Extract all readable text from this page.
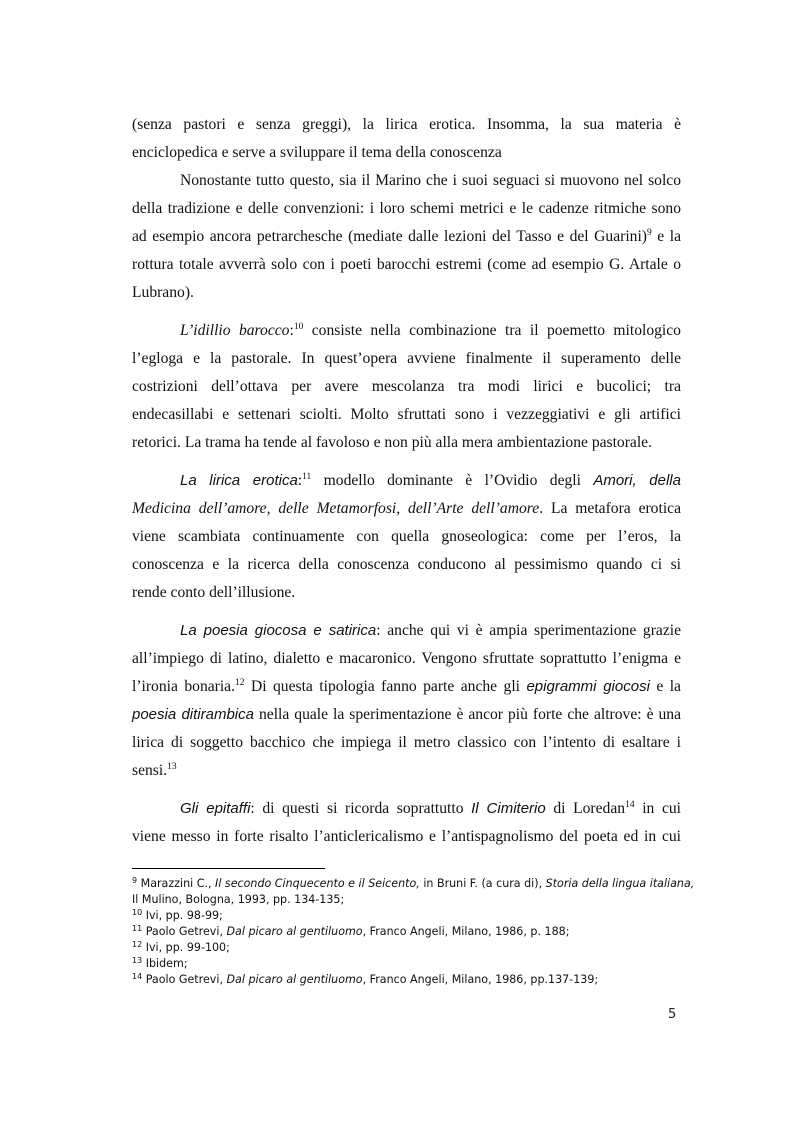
(senza pastori e senza greggi), la lirica erotica. Insomma, la sua materia è
enciclopedica e serve a sviluppare il tema della conoscenza
Nonostante tutto questo, sia il Marino che i suoi seguaci si muovono nel solco
della tradizione e delle convenzioni: i loro schemi metrici e le cadenze ritmiche sono
ad esempio ancora petrarchesche (mediate dalle lezioni del Tasso e del Guarini)$^9$ e la
rottura totale avverrà solo con i poeti barocchi estremi (come ad esempio G. Artale o
Lubrano).
L’idillio barocco:$^{10}$ consiste nella combinazione tra il poemetto mitologico
l’egloga e la pastorale. In quest’opera avviene finalmente il superamento delle
costrizioni dell’ottava per avere mescolanza tra modi lirici e bucolici; tra
endecasillabi e settenari sciolti. Molto sfruttati sono i vezzeggiativi e gli artifici
retorici. La trama ha tende al favoloso e non più alla mera ambientazione pastorale.
La lirica erotica:$^{11}$ modello dominante è l’Ovidio degli Amori, della
Medicina dell’amore, delle Metamorfosi, dell’Arte dell’amore. La metafora erotica
viene scambiata continuamente con quella gnoseologica: come per l’eros, la
conoscenza e la ricerca della conoscenza conducono al pessimismo quando ci si
rende conto dell’illusione.
La poesia giocosa e satirica: anche qui vi è ampia sperimentazione grazie
all’impiego di latino, dialetto e macaronico. Vengono sfruttate soprattutto l’enigma e
l’ironia bonaria.$^{12}$ Di questa tipologia fanno parte anche gli epigrammi giocosi e la
poesia ditirambica nella quale la sperimentazione è ancor più forte che altrove: è una
lirica di soggetto bacchico che impiega il metro classico con l’intento di esaltare i
sensi.$^{13}$
Gli epitaffi: di questi si ricorda soprattutto Il Cimiterio di Loredan$^{14}$ in cui
viene messo in forte risalto l’anticlericalismo e l’antispagnolismo del poeta ed in cui
$^9$ Marazzini C., Il secondo Cinquecento e il Seicento, in Bruni F. (a cura di), Storia della lingua italiana,
Il Mulino, Bologna, 1993, pp. 134-135;
$^{10}$ Ivi, pp. 98-99;
$^{11}$ Paolo Getrevi, Dal picaro al gentiluomo, Franco Angeli, Milano, 1986, p. 188;
$^{12}$ Ivi, pp. 99-100;
$^{13}$ Ibidem;
$^{14}$ Paolo Getrevi, Dal picaro al gentiluomo, Franco Angeli, Milano, 1986, pp.137-139;
5
